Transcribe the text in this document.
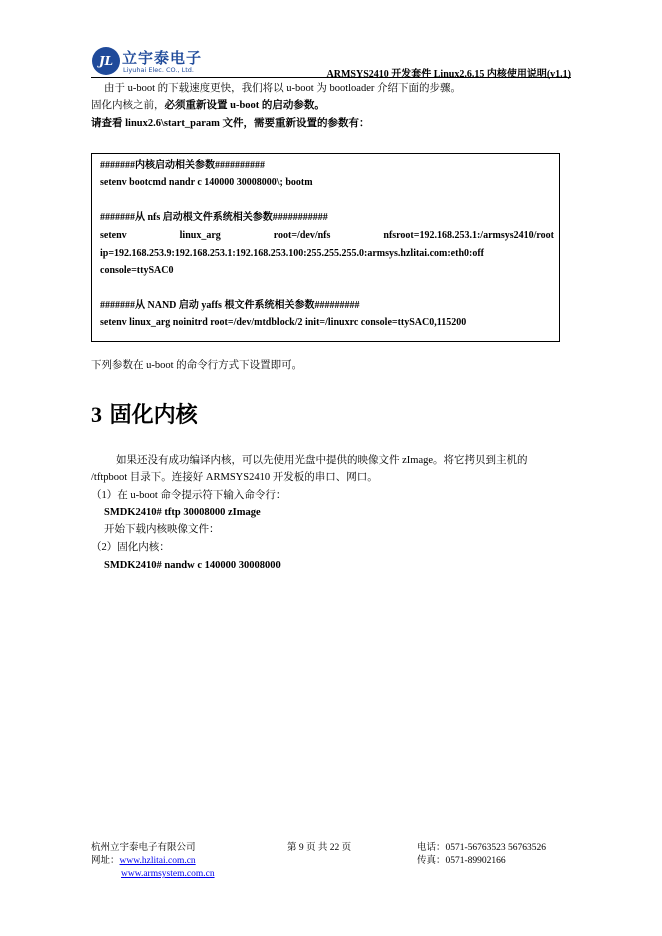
JL 立宇泰电子
Liyuhai Elec. CO., Ltd.	ARMSYS2410 开发套件 Linux2.6.15 内核使用说明(v1.1)
由于 u-boot 的下载速度更快，我们将以 u-boot 为 bootloader 介绍下面的步骤。
固化内核之前，必须重新设置 u-boot 的启动参数。
请查看 linux2.6\start_param 文件，需要重新设置的参数有：
#######内核启动相关参数##########
setenv bootcmd nandr c 140000 30008000\; bootm
#######从 nfs 启动根文件系统相关参数###########
setenv	linux_arg	root=/dev/nfs	nfsroot=192.168.253.1:/armsys2410/root
ip=192.168.253.9:192.168.253.1:192.168.253.100:255.255.255.0:armsys.hzlitai.com:eth0:off
console=ttySAC0
#######从 NAND 启动 yaffs 根文件系统相关参数#########
setenv linux_arg noinitrd root=/dev/mtdblock/2 init=/linuxrc console=ttySAC0,115200
下列参数在 u-boot 的命令行方式下设置即可。
3 固化内核
如果还没有成功编译内核，可以先使用光盘中提供的映像文件 zImage。将它拷贝到主机的
/tftpboot 目录下。连接好 ARMSYS2410 开发板的串口、网口。
（1）在 u-boot 命令提示符下输入命令行：
SMDK2410# tftp 30008000 zImage
开始下载内核映像文件：
（2）固化内核：
SMDK2410# nandw c 140000 30008000
杭州立宇泰电子有限公司	第 9 页 共 22 页	电话：0571-56763523 56763526
网址：www.hzlitai.com.cn	传真：0571-89902166
www.armsystem.com.cn
